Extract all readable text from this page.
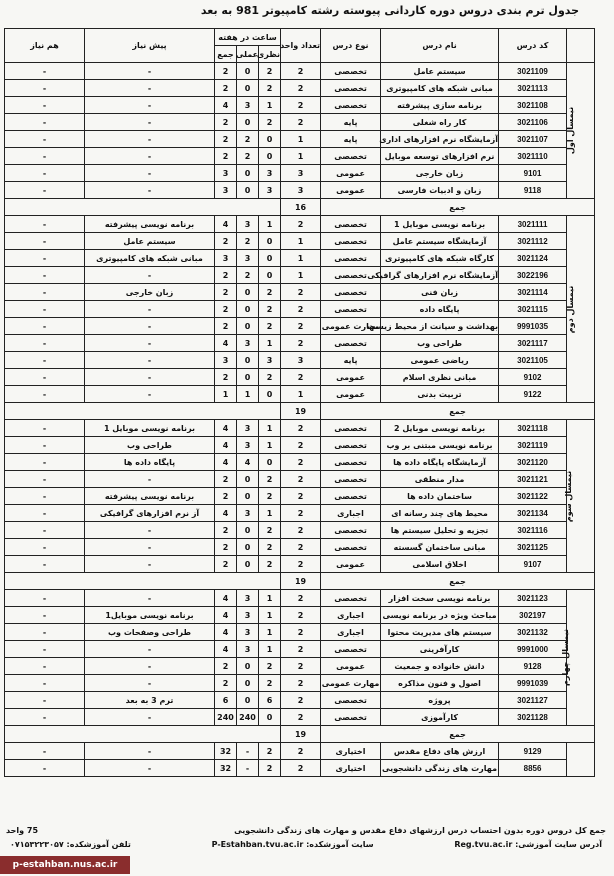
جدول ترم بندی دروس دوره کاردانی پیوسته رشته کامپیوتر 981 به بعد
	کد درس	نام درس	نوع درس	تعداد واحد	ساعت در هفته			پیش نیاز	هم نیاز
					نظری	عملی	جمع		
نیمسال اول	3021109	سیستم عامل	تخصصی	2	2	0	2	-	-
	3021113	مبانی شبکه های کامپیوتری	تخصصی	2	2	0	2	-	-
	3021108	برنامه سازی پیشرفته	تخصصی	2	1	3	4	-	-
	3021106	کار راه شغلی	پایه	2	2	0	2	-	-
	3021107	آزمایشگاه نرم افزارهای اداری	پایه	1	0	2	2	-	-
	3021110	نرم افزارهای توسعه موبایل	تخصصی	1	0	2	2	-	-
	9101	زبان خارجی	عمومی	3	3	0	3	-	-
	9118	زبان و ادبیات فارسی	عمومی	3	3	0	3	-	-
جمع				16					
نیمسال دوم	3021111	برنامه نویسی موبایل 1	تخصصی	2	1	3	4	برنامه نویسی پیشرفته	-
	3021112	آزمایشگاه سیستم عامل	تخصصی	1	0	2	2	سیستم عامل	-
	3021124	کارگاه شبکه های کامپیوتری	تخصصی	1	0	3	3	مبانی شبکه های کامپیوتری	-
	3022196	آزمایشگاه نرم افزارهای گرافیکی	تخصصی	1	0	2	2	-	-
	3021114	زبان فنی	تخصصی	2	2	0	2	زبان خارجی	-
	3021115	پایگاه داده	تخصصی	2	2	0	2	-	-
	9991035	بهداشت و سیانت از محیط زیست	مهارت عمومی	2	2	0	2	-	-
	3021117	طراحی وب	تخصصی	2	1	3	4	-	-
	3021105	ریاضی عمومی	پایه	3	3	0	3	-	-
	9102	مبانی نظری اسلام	عمومی	2	2	0	2	-	-
	9122	تربیت بدنی	عمومی	1	0	1	1	-	-
جمع				19					
نیمسال سوم	3021118	برنامه نویسی موبایل 2	تخصصی	2	1	3	4	برنامه نویسی موبایل 1	-
	3021119	برنامه نویسی مبتنی بر وب	تخصصی	2	1	3	4	طراحی وب	-
	3021120	آزمایشگاه پایگاه داده ها	تخصصی	2	0	4	4	پایگاه داده ها	-
	3021121	مدار منطقی	تخصصی	2	2	0	2	-	-
	3021122	ساختمان داده ها	تخصصی	2	2	0	2	برنامه نویسی پیشرفته	-
	3021134	محیط های چند رسانه ای	اجباری	2	1	3	4	آز نرم افزارهای گرافیکی	-
	3021116	تجزیه و تحلیل سیستم ها	تخصصی	2	2	0	2	-	-
	3021125	مبانی ساختمان گسسته	تخصصی	2	2	0	2	-	-
	9107	اخلاق اسلامی	عمومی	2	2	0	2	-	-
جمع				19					
نیمسال چهارم	3021123	برنامه نویسی سخت افزار	تخصصی	2	1	3	4	-	-
	302197	مباحث ویژه در برنامه نویسی	اجباری	2	1	3	4	برنامه نویسی موبایل1	-
	3021132	سیستم های مدیریت محتوا	اجباری	2	1	3	4	طراحی وصفحات وب	-
	9991000	کارآفرینی	تخصصی	2	1	3	4	-	-
	9128	دانش خانواده و جمعیت	عمومی	2	2	0	2	-	-
	9991039	اصول و فنون مذاکره	مهارت عمومی	2	2	0	2	-	-
	3021127	پروژه	تخصصی	2	6	0	6	ترم 3 به بعد	-
	3021128	کارآموزی	تخصصی	2	0	240	240	-	-
جمع				19					
	9129	ارزش های دفاع مقدس	اختیاری	2	2	-	32	-	-
	8856	مهارت های زندگی دانشجویی	اختیاری	2	2	-	32	-	-
جمع کل دروس دوره بدون احتساب درس ارزشهای دفاع مقدس و مهارت های زندگی دانشجویی
75 واحد
آدرس سایت آموزشی: Reg.tvu.ac.ir
سایت آموزشکده: P-Estahban.tvu.ac.ir
تلفن آموزشکده: ۰۷۱۵۳۲۲۳۰۵۷
p-estahban.nus.ac.ir
